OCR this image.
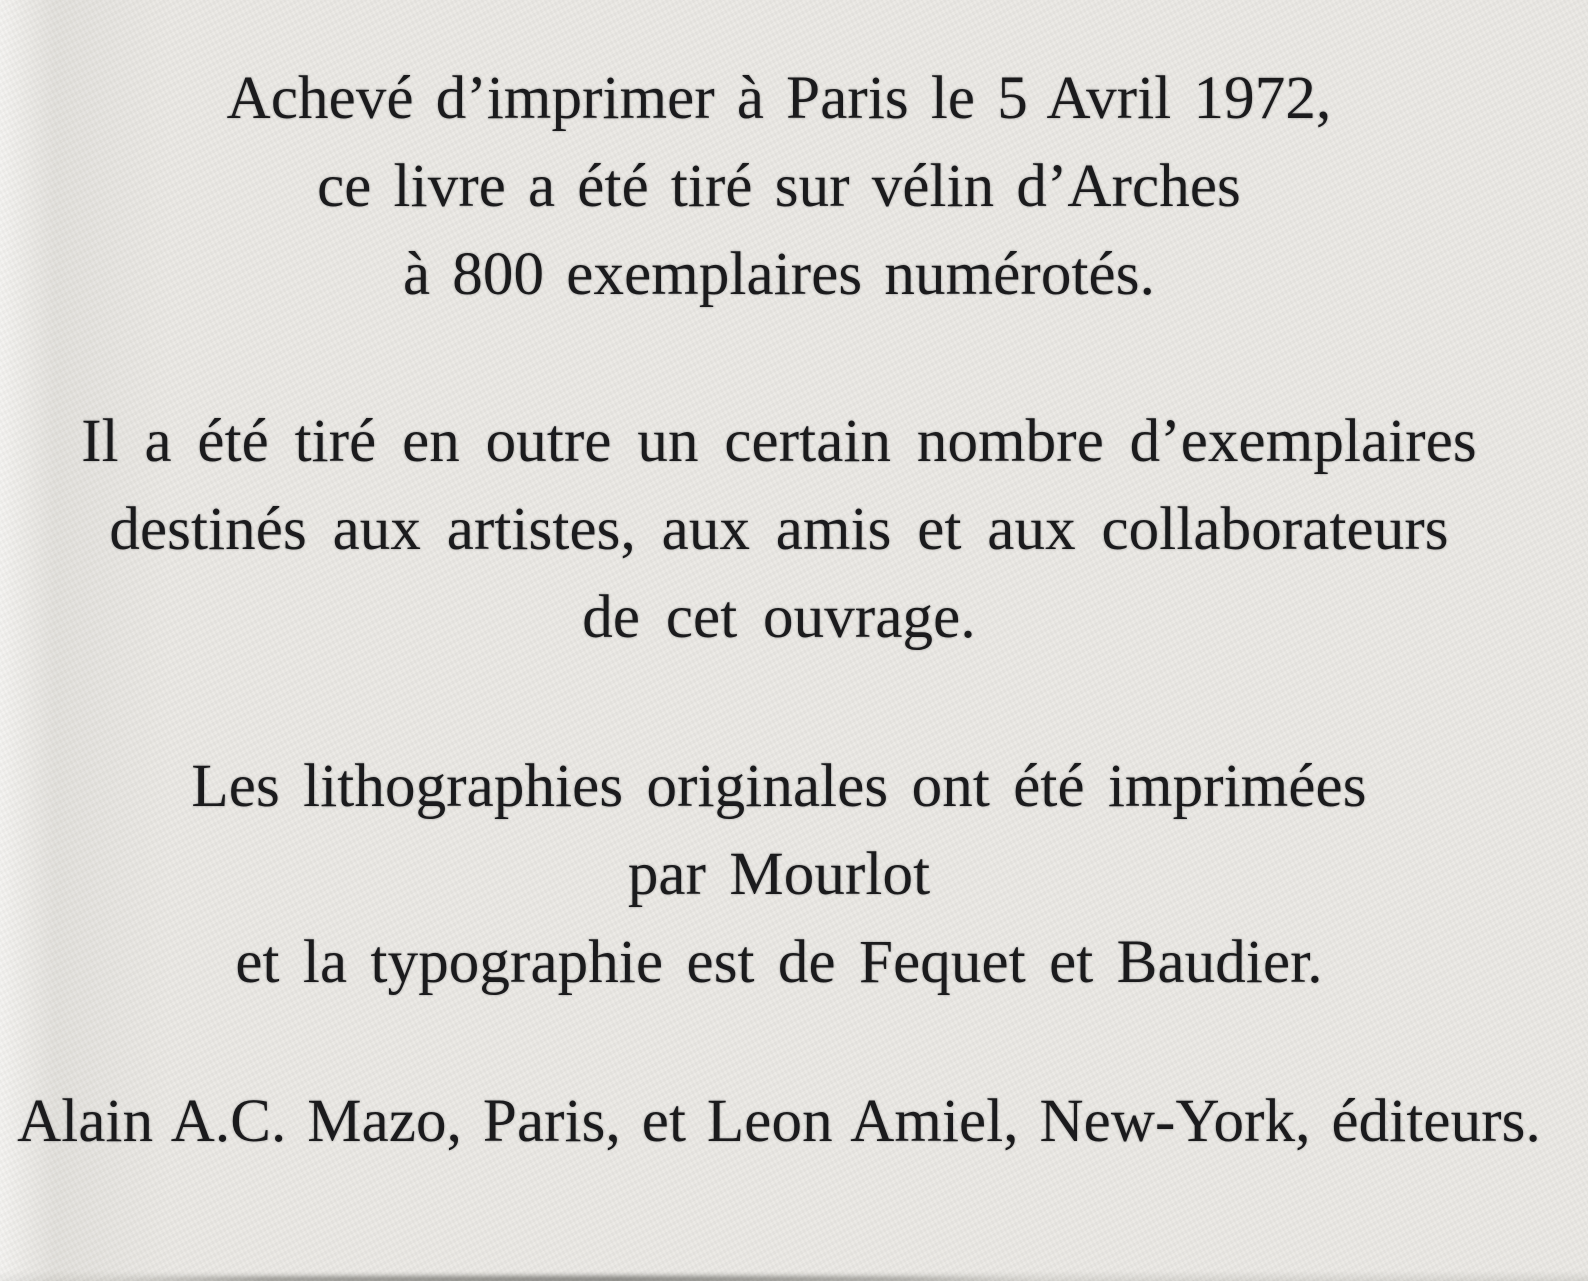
Achevé d’imprimer à Paris le 5 Avril 1972,
ce livre a été tiré sur vélin d’Arches
à 800 exemplaires numérotés.
Il a été tiré en outre un certain nombre d’exemplaires
destinés aux artistes, aux amis et aux collaborateurs
de cet ouvrage.
Les lithographies originales ont été imprimées
par Mourlot
et la typographie est de Fequet et Baudier.
Alain A.C. Mazo, Paris, et Leon Amiel, New-York, éditeurs.
